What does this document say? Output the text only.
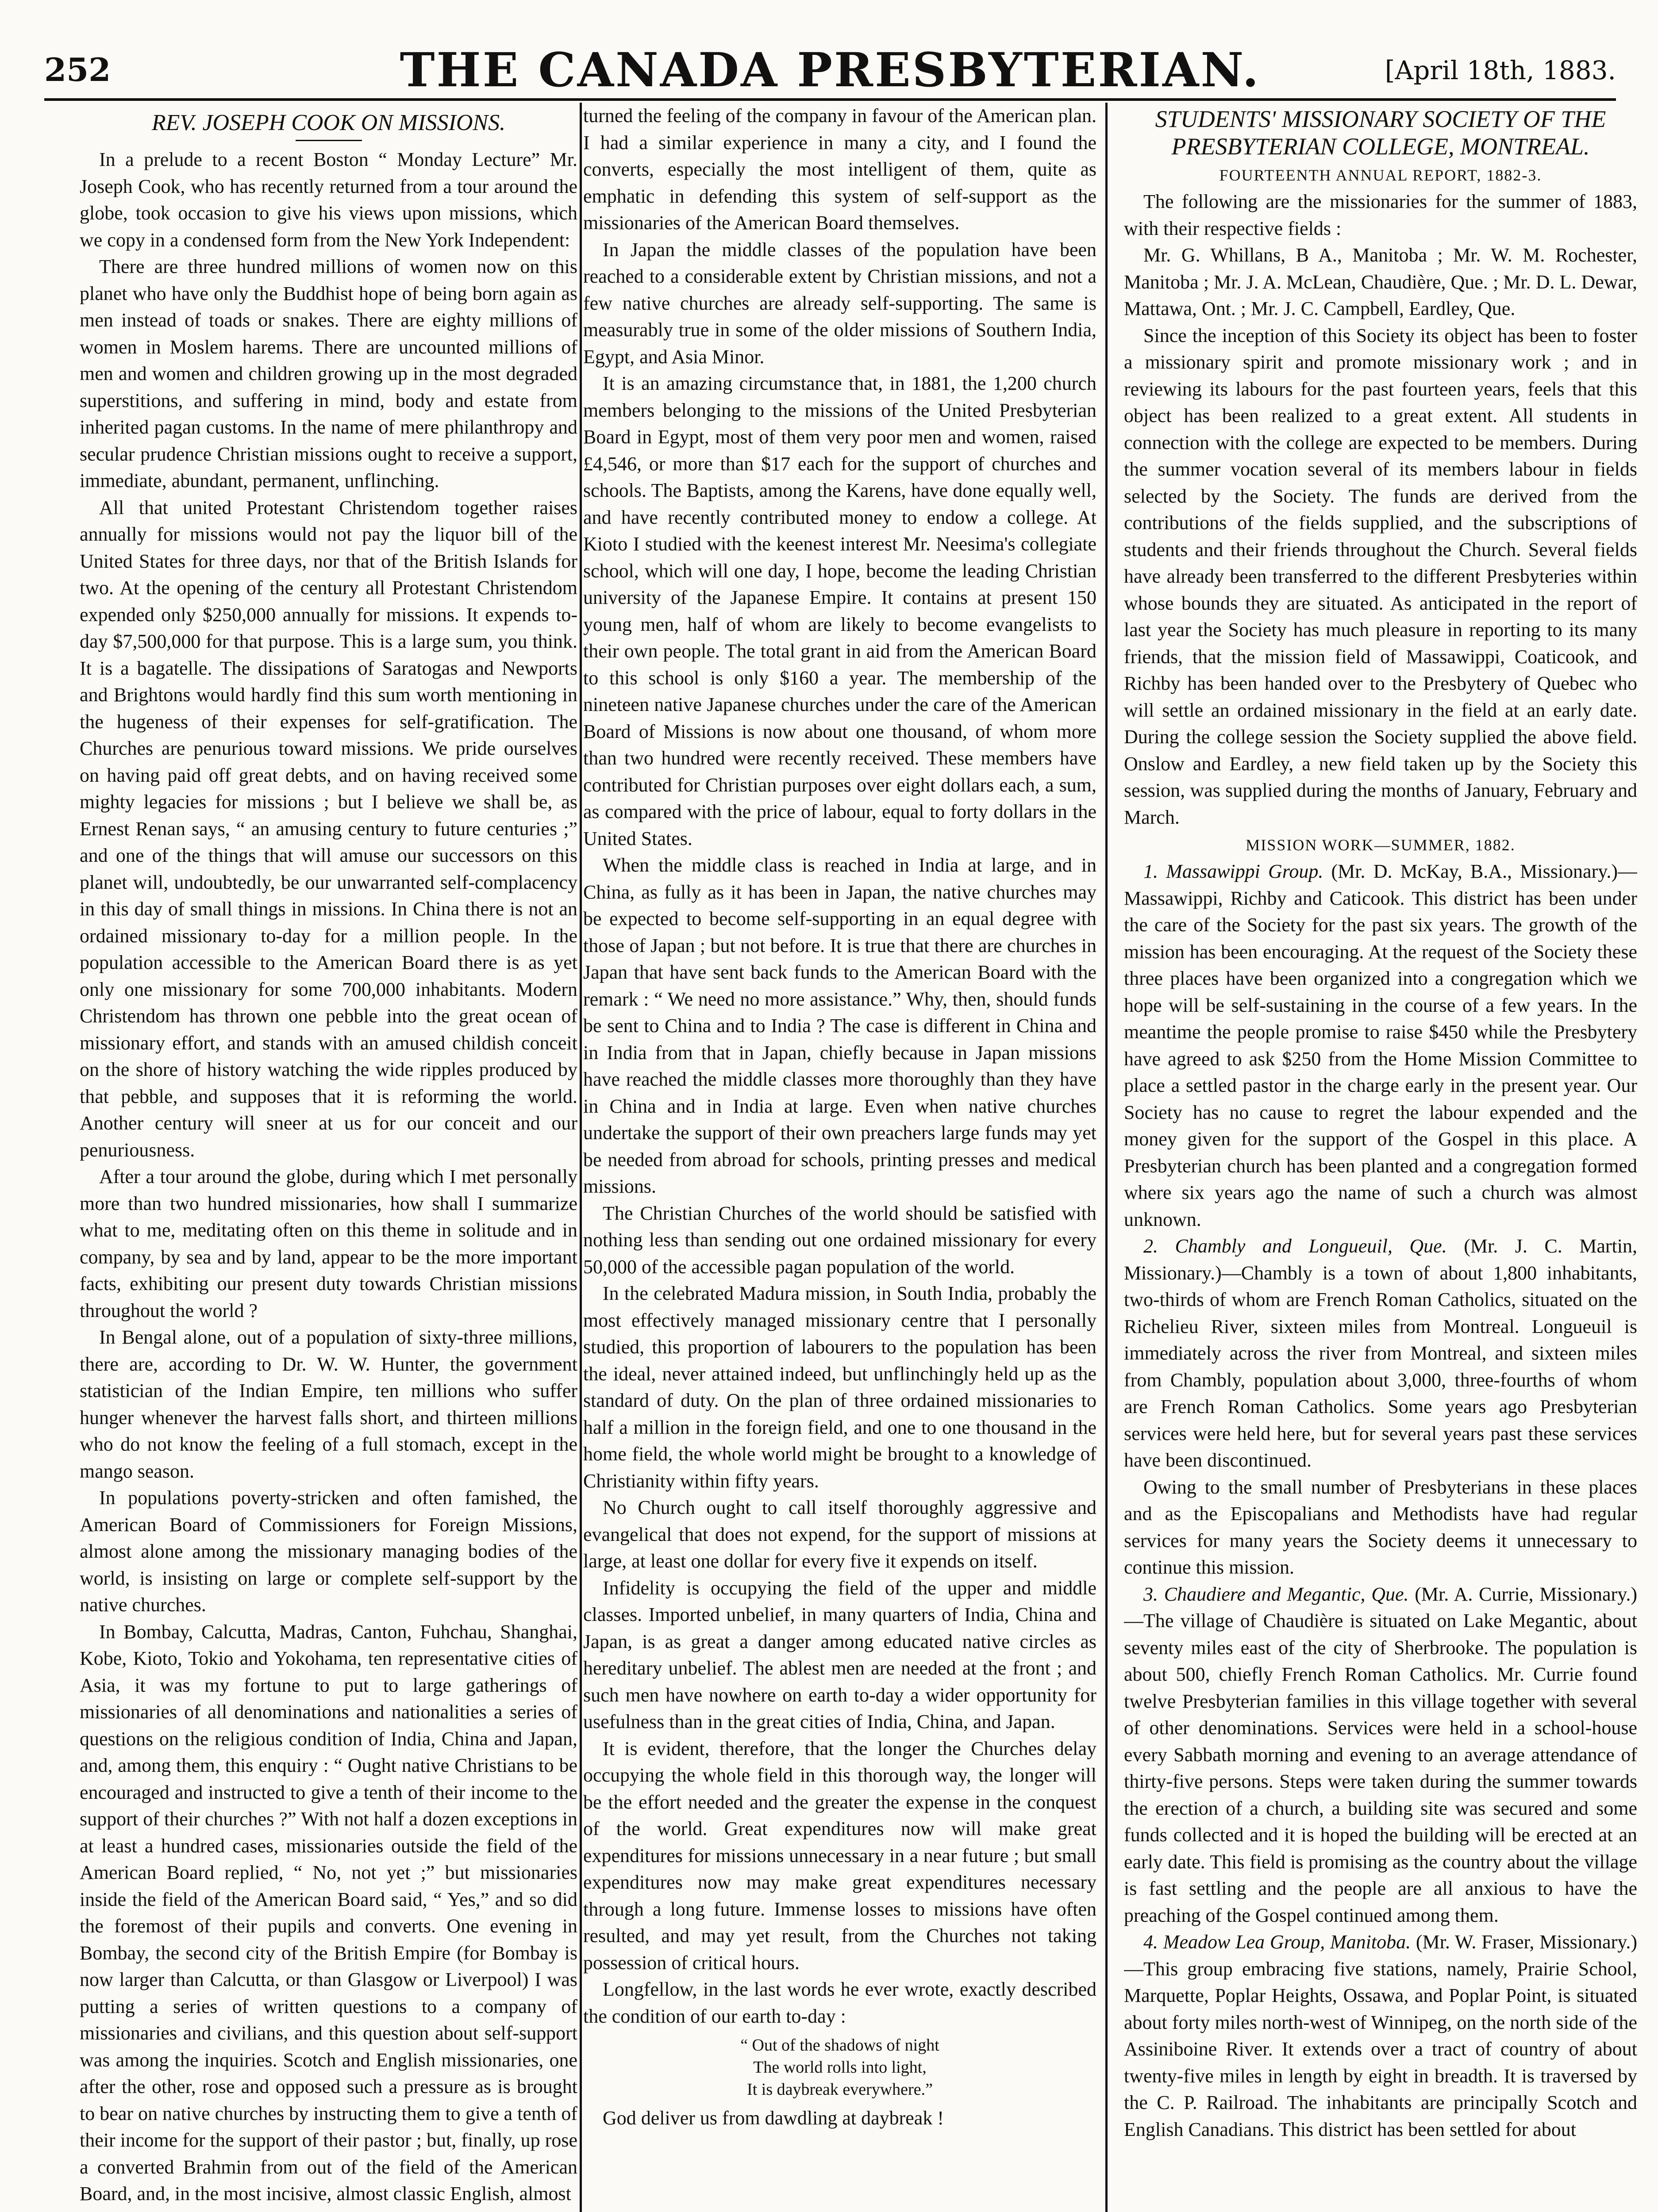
252	THE CANADA PRESBYTERIAN.	[April 18th, 1883.
REV. JOSEPH COOK ON MISSIONS.

In a prelude to a recent Boston “ Monday Lecture” Mr. Joseph Cook, who has recently returned from a tour around the globe, took occasion to give his views upon missions, which we copy in a condensed form from the New York Independent:

There are three hundred millions of women now on this planet who have only the Buddhist hope of being born again as men instead of toads or snakes. There are eighty millions of women in Moslem harems. There are uncounted millions of men and women and children growing up in the most degraded superstitions, and suffering in mind, body and estate from inherited pagan customs. In the name of mere philanthropy and secular prudence Christian missions ought to receive a support, immediate, abundant, permanent, unflinching.

All that united Protestant Christendom together raises annually for missions would not pay the liquor bill of the United States for three days, nor that of the British Islands for two. At the opening of the century all Protestant Christendom expended only $250,000 annually for missions. It expends to-day $7,500,000 for that purpose. This is a large sum, you think. It is a bagatelle. The dissipations of Saratogas and Newports and Brightons would hardly find this sum worth mentioning in the hugeness of their expenses for self-gratification. The Churches are penurious toward missions. We pride ourselves on having paid off great debts, and on having received some mighty legacies for missions ; but I believe we shall be, as Ernest Renan says, “ an amusing century to future centuries ;” and one of the things that will amuse our successors on this planet will, undoubtedly, be our unwarranted self-complacency in this day of small things in missions. In China there is not an ordained missionary to-day for a million people. In the population accessible to the American Board there is as yet only one missionary for some 700,000 inhabitants. Modern Christendom has thrown one pebble into the great ocean of missionary effort, and stands with an amused childish conceit on the shore of history watching the wide ripples produced by that pebble, and supposes that it is reforming the world. Another century will sneer at us for our conceit and our penuriousness.

After a tour around the globe, during which I met personally more than two hundred missionaries, how shall I summarize what to me, meditating often on this theme in solitude and in company, by sea and by land, appear to be the more important facts, exhibiting our present duty towards Christian missions throughout the world ?

In Bengal alone, out of a population of sixty-three millions, there are, according to Dr. W. W. Hunter, the government statistician of the Indian Empire, ten millions who suffer hunger whenever the harvest falls short, and thirteen millions who do not know the feeling of a full stomach, except in the mango season.

In populations poverty-stricken and often famished, the American Board of Commissioners for Foreign Missions, almost alone among the missionary managing bodies of the world, is insisting on large or complete self-support by the native churches.

In Bombay, Calcutta, Madras, Canton, Fuhchau, Shanghai, Kobe, Kioto, Tokio and Yokohama, ten representative cities of Asia, it was my fortune to put to large gatherings of missionaries of all denominations and nationalities a series of questions on the religious condition of India, China and Japan, and, among them, this enquiry : “ Ought native Christians to be encouraged and instructed to give a tenth of their income to the support of their churches ?” With not half a dozen exceptions in at least a hundred cases, missionaries outside the field of the American Board replied, “ No, not yet ;” but missionaries inside the field of the American Board said, “ Yes,” and so did the foremost of their pupils and converts. One evening in Bombay, the second city of the British Empire (for Bombay is now larger than Calcutta, or than Glasgow or Liverpool) I was putting a series of written questions to a company of missionaries and civilians, and this question about self-support was among the inquiries. Scotch and English missionaries, one after the other, rose and opposed such a pressure as is brought to bear on native churches by instructing them to give a tenth of their income for the support of their pastor ; but, finally, up rose a converted Brahmin from out of the field of the American Board, and, in the most incisive, almost classic English, almost

turned the feeling of the company in favour of the American plan. I had a similar experience in many a city, and I found the converts, especially the most intelligent of them, quite as emphatic in defending this system of self-support as the missionaries of the American Board themselves.

In Japan the middle classes of the population have been reached to a considerable extent by Christian missions, and not a few native churches are already self-supporting. The same is measurably true in some of the older missions of Southern India, Egypt, and Asia Minor.

It is an amazing circumstance that, in 1881, the 1,200 church members belonging to the missions of the United Presbyterian Board in Egypt, most of them very poor men and women, raised £4,546, or more than $17 each for the support of churches and schools. The Baptists, among the Karens, have done equally well, and have recently contributed money to endow a college. At Kioto I studied with the keenest interest Mr. Neesima's collegiate school, which will one day, I hope, become the leading Christian university of the Japanese Empire. It contains at present 150 young men, half of whom are likely to become evangelists to their own people. The total grant in aid from the American Board to this school is only $160 a year. The membership of the nineteen native Japanese churches under the care of the American Board of Missions is now about one thousand, of whom more than two hundred were recently received. These members have contributed for Christian purposes over eight dollars each, a sum, as compared with the price of labour, equal to forty dollars in the United States.

When the middle class is reached in India at large, and in China, as fully as it has been in Japan, the native churches may be expected to become self-supporting in an equal degree with those of Japan ; but not before. It is true that there are churches in Japan that have sent back funds to the American Board with the remark : “ We need no more assistance.” Why, then, should funds be sent to China and to India ? The case is different in China and in India from that in Japan, chiefly because in Japan missions have reached the middle classes more thoroughly than they have in China and in India at large. Even when native churches undertake the support of their own preachers large funds may yet be needed from abroad for schools, printing presses and medical missions.

The Christian Churches of the world should be satisfied with nothing less than sending out one ordained missionary for every 50,000 of the accessible pagan population of the world.

In the celebrated Madura mission, in South India, probably the most effectively managed missionary centre that I personally studied, this proportion of labourers to the population has been the ideal, never attained indeed, but unflinchingly held up as the standard of duty. On the plan of three ordained missionaries to half a million in the foreign field, and one to one thousand in the home field, the whole world might be brought to a knowledge of Christianity within fifty years.

No Church ought to call itself thoroughly aggressive and evangelical that does not expend, for the support of missions at large, at least one dollar for every five it expends on itself.

Infidelity is occupying the field of the upper and middle classes. Imported unbelief, in many quarters of India, China and Japan, is as great a danger among educated native circles as hereditary unbelief. The ablest men are needed at the front ; and such men have nowhere on earth to-day a wider opportunity for usefulness than in the great cities of India, China, and Japan.

It is evident, therefore, that the longer the Churches delay occupying the whole field in this thorough way, the longer will be the effort needed and the greater the expense in the conquest of the world. Great expenditures now will make great expenditures for missions unnecessary in a near future ; but small expenditures now may make great expenditures necessary through a long future. Immense losses to missions have often resulted, and may yet result, from the Churches not taking possession of critical hours.

Longfellow, in the last words he ever wrote, exactly described the condition of our earth to-day :

“ Out of the shadows of night
The world rolls into light,
It is daybreak everywhere.”

God deliver us from dawdling at daybreak !

STUDENTS' MISSIONARY SOCIETY OF THE PRESBYTERIAN COLLEGE, MONTREAL.
FOURTEENTH ANNUAL REPORT, 1882-3.

The following are the missionaries for the summer of 1883, with their respective fields :

Mr. G. Whillans, B A., Manitoba ; Mr. W. M. Rochester, Manitoba ; Mr. J. A. McLean, Chaudière, Que. ; Mr. D. L. Dewar, Mattawa, Ont. ; Mr. J. C. Campbell, Eardley, Que.

Since the inception of this Society its object has been to foster a missionary spirit and promote missionary work ; and in reviewing its labours for the past fourteen years, feels that this object has been realized to a great extent. All students in connection with the college are expected to be members. During the summer vocation several of its members labour in fields selected by the Society. The funds are derived from the contributions of the fields supplied, and the subscriptions of students and their friends throughout the Church. Several fields have already been transferred to the different Presbyteries within whose bounds they are situated. As anticipated in the report of last year the Society has much pleasure in reporting to its many friends, that the mission field of Massawippi, Coaticook, and Richby has been handed over to the Presbytery of Quebec who will settle an ordained missionary in the field at an early date. During the college session the Society supplied the above field. Onslow and Eardley, a new field taken up by the Society this session, was supplied during the months of January, February and March.

MISSION WORK—SUMMER, 1882.

1. Massawippi Group. (Mr. D. McKay, B.A., Missionary.)—Massawippi, Richby and Caticook. This district has been under the care of the Society for the past six years. The growth of the mission has been encouraging. At the request of the Society these three places have been organized into a congregation which we hope will be self-sustaining in the course of a few years. In the meantime the people promise to raise $450 while the Presbytery have agreed to ask $250 from the Home Mission Committee to place a settled pastor in the charge early in the present year. Our Society has no cause to regret the labour expended and the money given for the support of the Gospel in this place. A Presbyterian church has been planted and a congregation formed where six years ago the name of such a church was almost unknown.

2. Chambly and Longueuil, Que. (Mr. J. C. Martin, Missionary.)—Chambly is a town of about 1,800 inhabitants, two-thirds of whom are French Roman Catholics, situated on the Richelieu River, sixteen miles from Montreal. Longueuil is immediately across the river from Montreal, and sixteen miles from Chambly, population about 3,000, three-fourths of whom are French Roman Catholics. Some years ago Presbyterian services were held here, but for several years past these services have been discontinued.

Owing to the small number of Presbyterians in these places and as the Episcopalians and Methodists have had regular services for many years the Society deems it unnecessary to continue this mission.

3. Chaudiere and Megantic, Que. (Mr. A. Currie, Missionary.)—The village of Chaudière is situated on Lake Megantic, about seventy miles east of the city of Sherbrooke. The population is about 500, chiefly French Roman Catholics. Mr. Currie found twelve Presbyterian families in this village together with several of other denominations. Services were held in a school-house every Sabbath morning and evening to an average attendance of thirty-five persons. Steps were taken during the summer towards the erection of a church, a building site was secured and some funds collected and it is hoped the building will be erected at an early date. This field is promising as the country about the village is fast settling and the people are all anxious to have the preaching of the Gospel continued among them.

4. Meadow Lea Group, Manitoba. (Mr. W. Fraser, Missionary.)—This group embracing five stations, namely, Prairie School, Marquette, Poplar Heights, Ossawa, and Poplar Point, is situated about forty miles north-west of Winnipeg, on the north side of the Assiniboine River. It extends over a tract of country of about twenty-five miles in length by eight in breadth. It is traversed by the C. P. Railroad. The inhabitants are principally Scotch and English Canadians. This district has been settled for about
